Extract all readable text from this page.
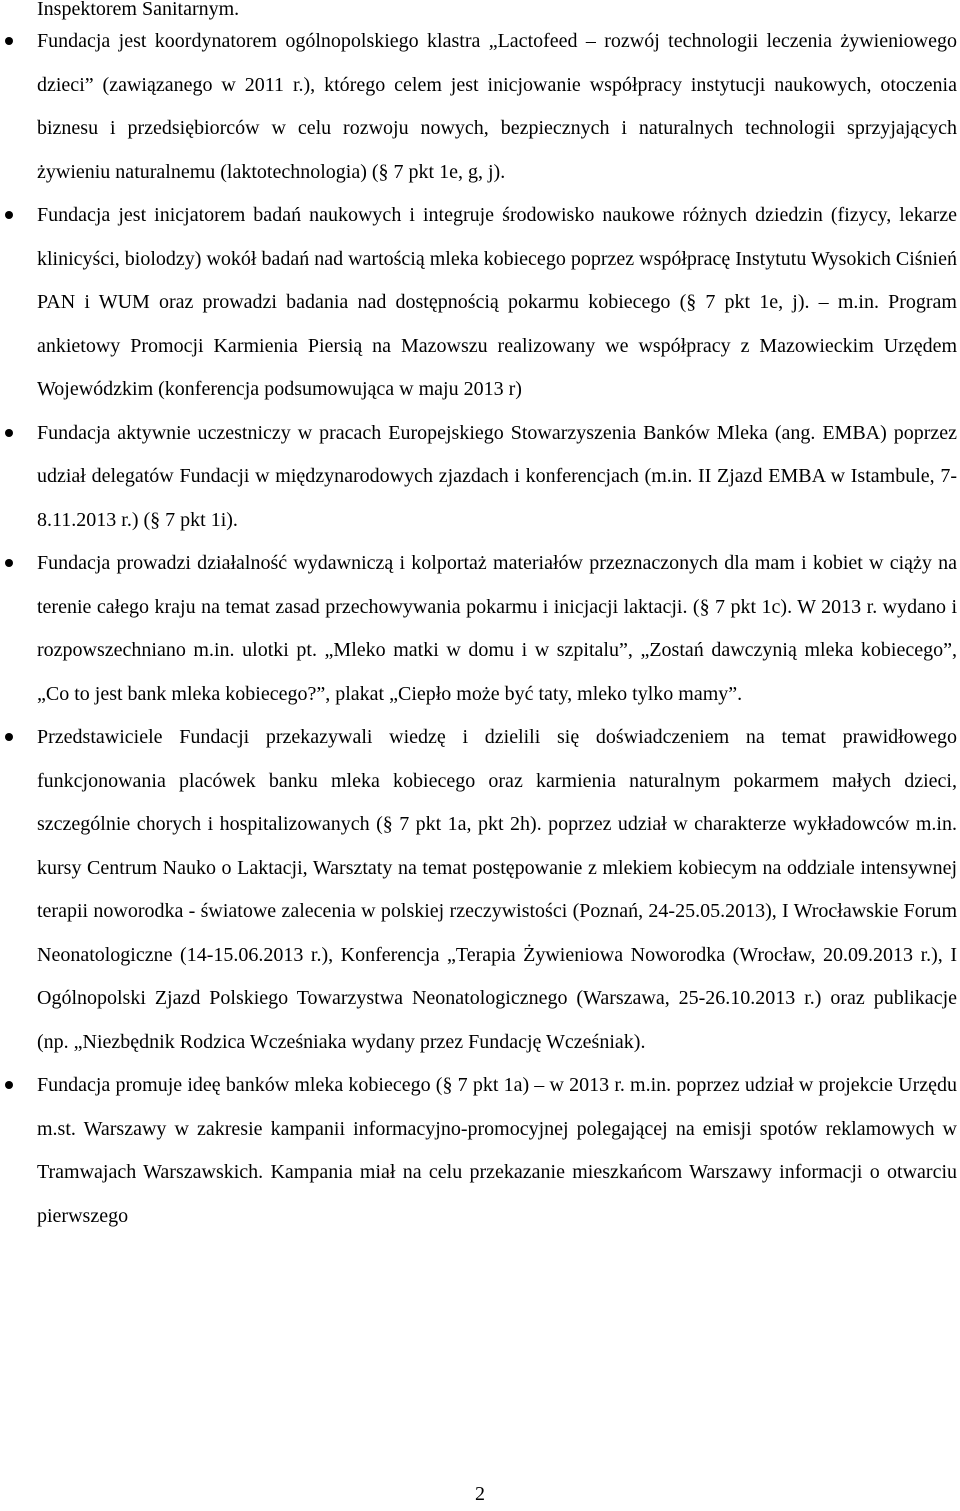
Inspektorem Sanitarnym.

Fundacja jest koordynatorem ogólnopolskiego klastra „Lactofeed – rozwój technologii leczenia żywieniowego dzieci” (zawiązanego w 2011 r.), którego celem jest inicjowanie współpracy instytucji naukowych, otoczenia biznesu i przedsiębiorców w celu rozwoju nowych, bezpiecznych i naturalnych technologii sprzyjających żywieniu naturalnemu (laktotechnologia) (§ 7 pkt 1e, g, j).
Fundacja jest inicjatorem badań naukowych i integruje środowisko naukowe różnych dziedzin (fizycy, lekarze klinicyści, biolodzy) wokół badań nad wartością mleka kobiecego poprzez współpracę Instytutu Wysokich Ciśnień PAN i WUM oraz prowadzi badania nad dostępnością pokarmu kobiecego (§ 7 pkt 1e, j). – m.in. Program ankietowy Promocji Karmienia Piersią na Mazowszu realizowany we współpracy z Mazowieckim Urzędem Wojewódzkim (konferencja podsumowująca w maju 2013 r)
Fundacja aktywnie uczestniczy w pracach Europejskiego Stowarzyszenia Banków Mleka (ang. EMBA) poprzez udział delegatów Fundacji w międzynarodowych zjazdach i konferencjach (m.in. II Zjazd EMBA w Istambule, 7-8.11.2013 r.) (§ 7 pkt 1i).
Fundacja prowadzi działalność wydawniczą i kolportaż materiałów przeznaczonych dla mam i kobiet w ciąży na terenie całego kraju na temat zasad przechowywania pokarmu i inicjacji laktacji. (§ 7 pkt 1c). W 2013 r. wydano i rozpowszechniano m.in. ulotki pt. „Mleko matki w domu i w szpitalu”, „Zostań dawczynią mleka kobiecego”, „Co to jest bank mleka kobiecego?”, plakat „Ciepło może być taty, mleko tylko mamy”.
Przedstawiciele Fundacji przekazywali wiedzę i dzielili się doświadczeniem na temat prawidłowego funkcjonowania placówek banku mleka kobiecego oraz karmienia naturalnym pokarmem małych dzieci, szczególnie chorych i hospitalizowanych (§ 7 pkt 1a, pkt 2h). poprzez udział w charakterze wykładowców m.in. kursy Centrum Nauko o Laktacji, Warsztaty na temat postępowanie z mlekiem kobiecym na oddziale intensywnej terapii noworodka - światowe zalecenia w polskiej rzeczywistości (Poznań, 24-25.05.2013), I Wrocławskie Forum Neonatologiczne (14-15.06.2013 r.), Konferencja „Terapia Żywieniowa Noworodka (Wrocław, 20.09.2013 r.), I Ogólnopolski Zjazd Polskiego Towarzystwa Neonatologicznego (Warszawa, 25-26.10.2013 r.) oraz publikacje (np. „Niezbędnik Rodzica Wcześniaka wydany przez Fundację Wcześniak).
Fundacja promuje ideę banków mleka kobiecego (§ 7 pkt 1a) – w 2013 r. m.in. poprzez udział w projekcie Urzędu m.st. Warszawy w zakresie kampanii informacyjno-promocyjnej polegającej na emisji spotów reklamowych w Tramwajach Warszawskich. Kampania miał na celu przekazanie mieszkańcom Warszawy informacji o otwarciu pierwszego
2
